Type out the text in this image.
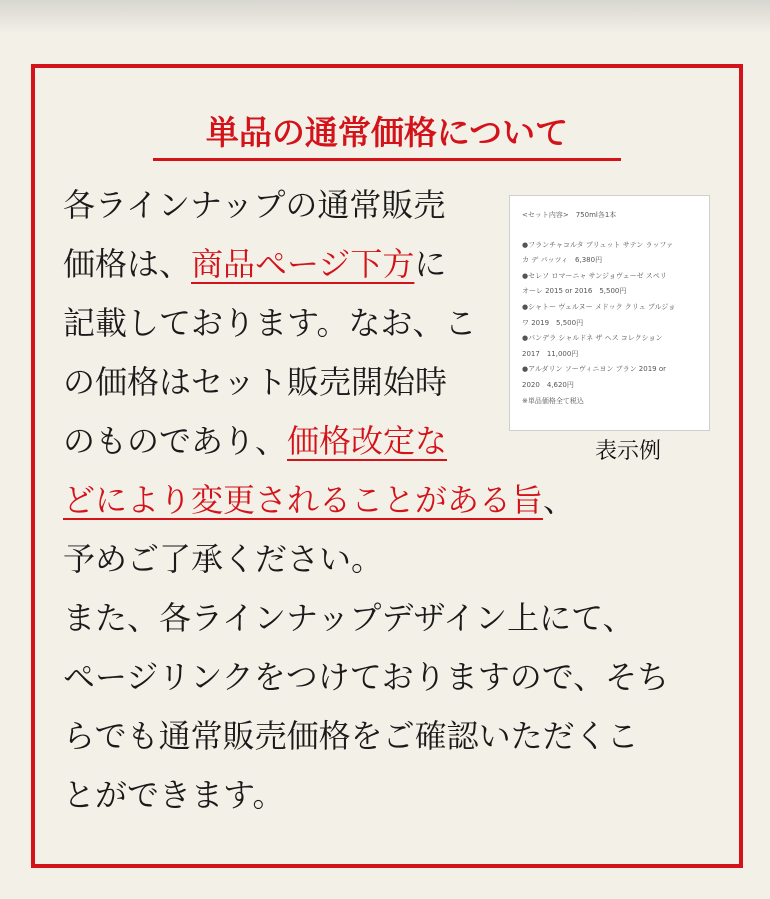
単品の通常価格について
各ラインナップの通常販売
価格は、商品ページ下方に
記載しております。なお、こ
の価格はセット販売開始時
のものであり、価格改定な
どにより変更されることがある旨、
予めご了承ください。
また、各ラインナップデザイン上にて、
ページリンクをつけておりますので、そち
らでも通常販売価格をご確認いただくこ
とができます。
<セット内容>　750ml各1本
●フランチャコルタ ブリュット サテン ラッファ
カ デ パッツィ　6,380円
●セレソ ロマーニャ サンジョヴェーゼ スペリ
オーレ 2015 or 2016　5,500円
●シャトー ヴェルヌー メドック クリュ ブルジョ
ワ 2019　5,500円
●パンデラ シャルドネ ザ ヘス コレクション
2017　11,000円
●アルダリン ソーヴィニヨン ブラン 2019 or
2020　4,620円
※単品価格全て税込
表示例
